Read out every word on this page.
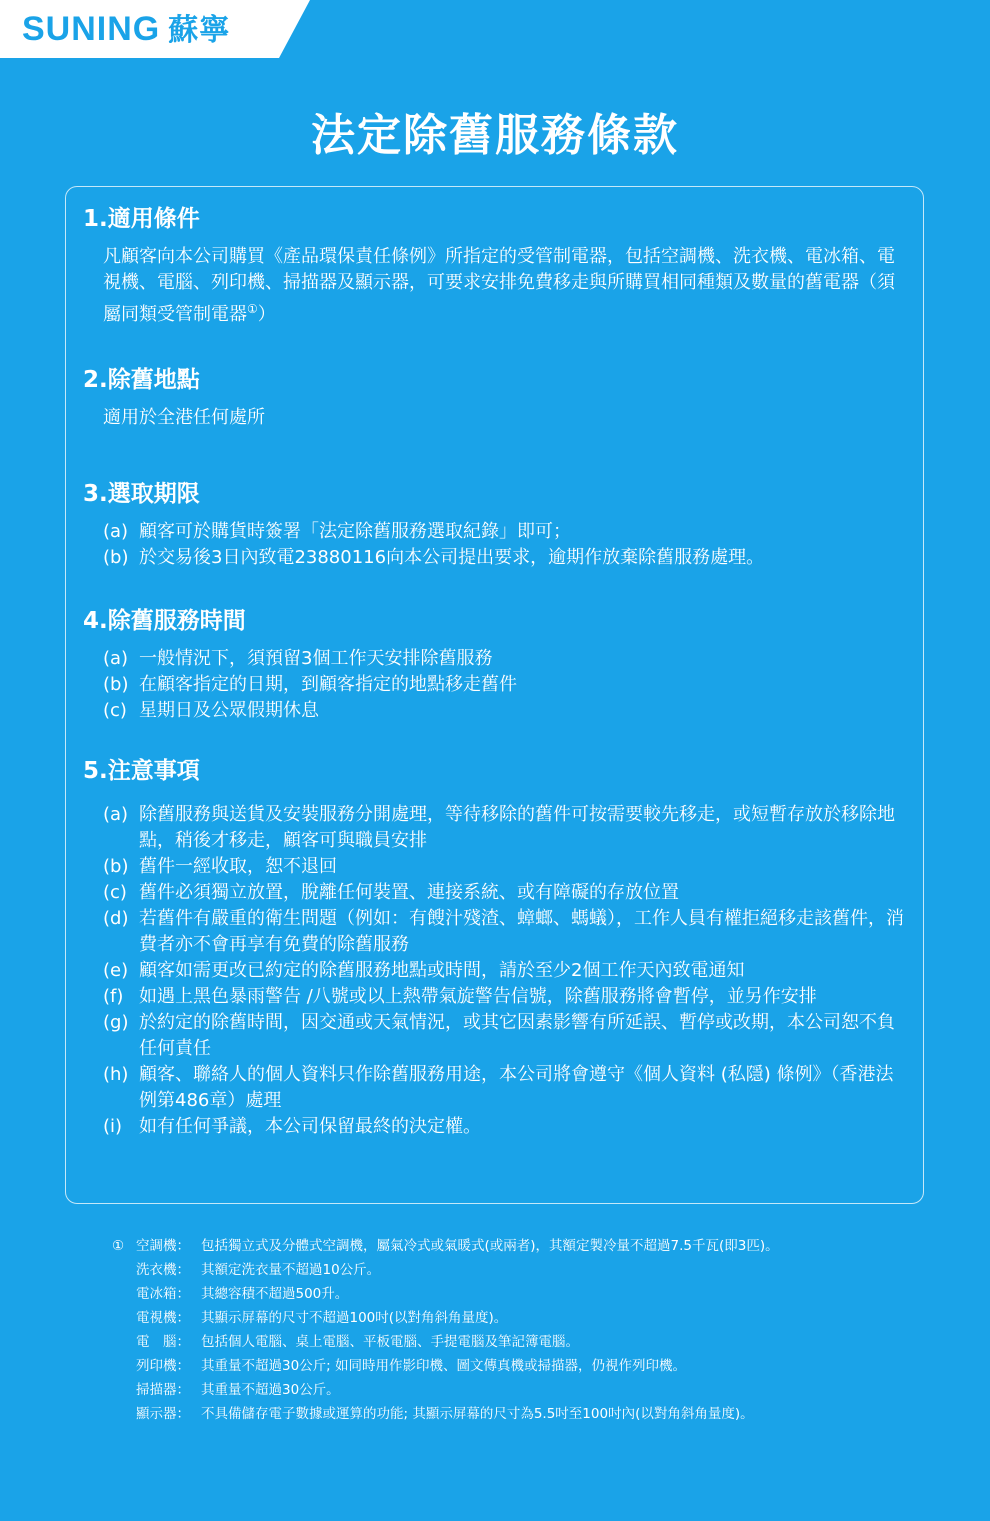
SUNING 蘇寧
法定除舊服務條款
1.適用條件

凡顧客向本公司購買《產品環保責任條例》所指定的受管制電器，包括空調機、洗衣機、電冰箱、電視機、電腦、列印機、掃描器及顯示器，可要求安排免費移走與所購買相同種類及數量的舊電器（須屬同類受管制電器①）

2.除舊地點

適用於全港任何處所

3.選取期限
(a) 顧客可於購貨時簽署「法定除舊服務選取紀錄」即可；
(b) 於交易後3日內致電23880116向本公司提出要求，逾期作放棄除舊服務處理。
4.除舊服務時間
(a) 一般情況下，須預留3個工作天安排除舊服務
(b) 在顧客指定的日期，到顧客指定的地點移走舊件
(c) 星期日及公眾假期休息
5.注意事項
(a) 除舊服務與送貨及安裝服務分開處理，等待移除的舊件可按需要較先移走，或短暫存放於移除地點，稍後才移走，顧客可與職員安排
(b) 舊件一經收取，恕不退回
(c) 舊件必須獨立放置，脫離任何裝置、連接系統、或有障礙的存放位置
(d) 若舊件有嚴重的衛生問題（例如：有餿汁殘渣、蟑螂、螞蟻），工作人員有權拒絕移走該舊件，消費者亦不會再享有免費的除舊服務
(e) 顧客如需更改已約定的除舊服務地點或時間，請於至少2個工作天內致電通知
(f) 如遇上黑色暴雨警告 /八號或以上熱帶氣旋警告信號，除舊服務將會暫停，並另作安排
(g) 於約定的除舊時間，因交通或天氣情況，或其它因素影響有所延誤、暫停或改期，本公司恕不負任何責任
(h) 顧客、聯絡人的個人資料只作除舊服務用途，本公司將會遵守《個人資料 (私隱) 條例》（香港法例第486章）處理
(i) 如有任何爭議，本公司保留最終的決定權。
① 空調機： 包括獨立式及分體式空調機，屬氣冷式或氣暖式(或兩者)，其額定製冷量不超過7.5千瓦(即3匹)。
洗衣機： 其額定洗衣量不超過10公斤。
電冰箱： 其總容積不超過500升。
電視機： 其顯示屏幕的尺寸不超過100吋(以對角斜角量度)。
電　腦： 包括個人電腦、桌上電腦、平板電腦、手提電腦及筆記簿電腦。
列印機： 其重量不超過30公斤; 如同時用作影印機、圖文傳真機或掃描器，仍視作列印機。
掃描器： 其重量不超過30公斤。
顯示器： 不具備儲存電子數據或運算的功能; 其顯示屏幕的尺寸為5.5吋至100吋內(以對角斜角量度)。
